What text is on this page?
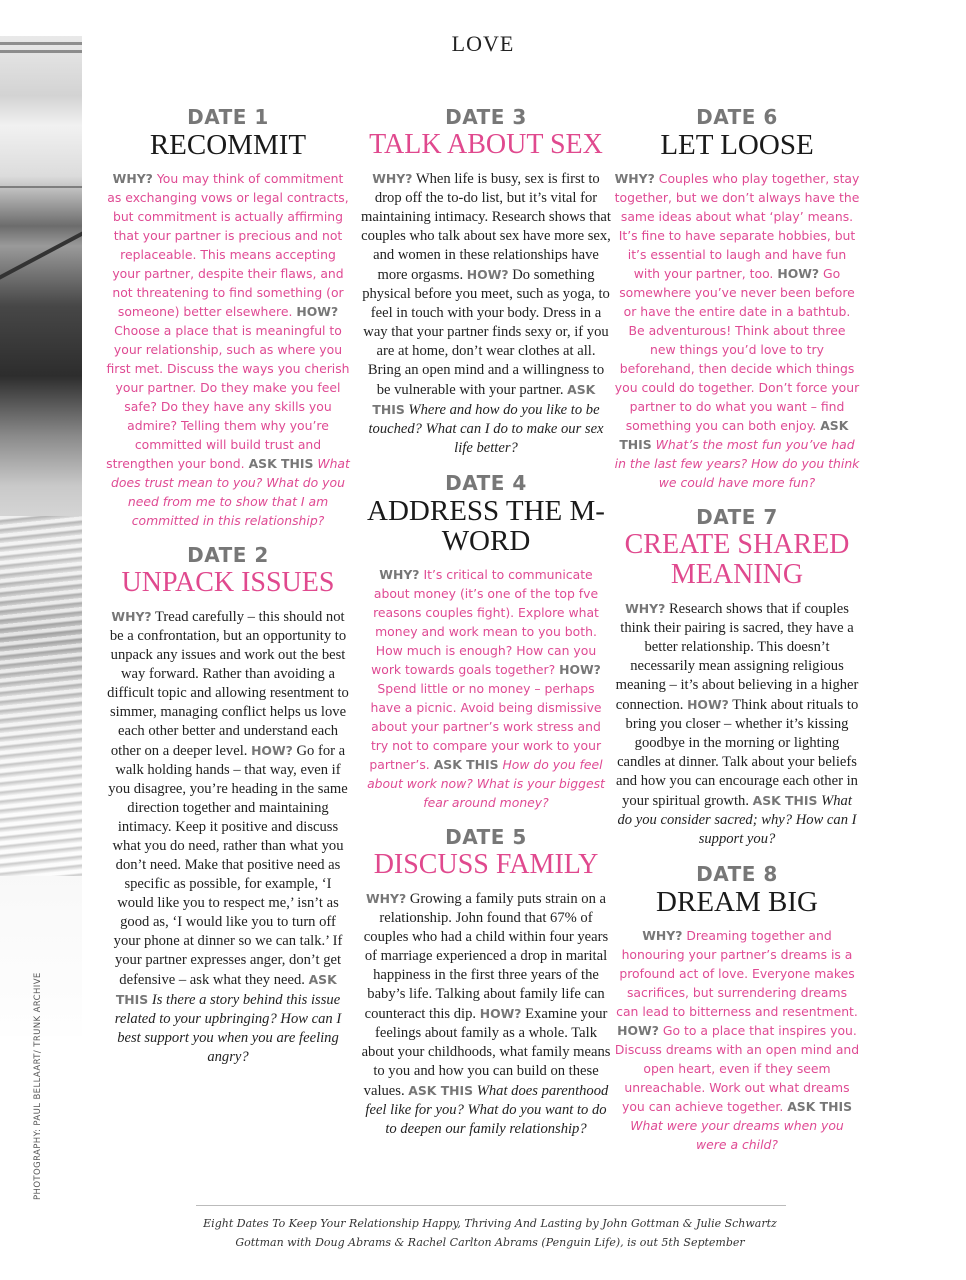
PHOTOGRAPHY: PAUL BELLAART/ TRUNK ARCHIVE
LOVE
DATE 1
RECOMMIT

WHY? You may think of commitment as exchanging vows or legal contracts, but commitment is actually affirming that your partner is precious and not replaceable. This means accepting your partner, despite their flaws, and not threatening to find something (or someone) better elsewhere. HOW? Choose a place that is meaningful to your relationship, such as where you first met. Discuss the ways you cherish your partner. Do they make you feel safe? Do they have any skills you admire? Telling them why you’re committed will build trust and strengthen your bond. ASK THIS What does trust mean to you? What do you need from me to show that I am committed in this relationship?

DATE 2
UNPACK ISSUES

WHY? Tread carefully – this should not be a confrontation, but an opportunity to unpack any issues and work out the best way forward. Rather than avoiding a difficult topic and allowing resentment to simmer, managing conflict helps us love each other better and understand each other on a deeper level. HOW? Go for a walk holding hands – that way, even if you disagree, you’re heading in the same direction together and maintaining intimacy. Keep it positive and discuss what you do need, rather than what you don’t need. Make that positive need as specific as possible, for example, ‘I would like you to respect me,’ isn’t as good as, ‘I would like you to turn off your phone at dinner so we can talk.’ If your partner expresses anger, don’t get defensive – ask what they need. ASK THIS Is there a story behind this issue related to your upbringing? How can I best support you when you are feeling angry?

DATE 3
TALK ABOUT SEX

WHY? When life is busy, sex is first to drop off the to-do list, but it’s vital for maintaining intimacy. Research shows that couples who talk about sex have more sex, and women in these relationships have more orgasms. HOW? Do something physical before you meet, such as yoga, to feel in touch with your body. Dress in a way that your partner finds sexy or, if you are at home, don’t wear clothes at all. Bring an open mind and a willingness to be vulnerable with your partner. ASK THIS Where and how do you like to be touched? What can I do to make our sex life better?

DATE 4
ADDRESS THE M-WORD

WHY? It’s critical to communicate about money (it’s one of the top fve reasons couples fight). Explore what money and work mean to you both. How much is enough? How can you work towards goals together? HOW? Spend little or no money – perhaps have a picnic. Avoid being dismissive about your partner’s work stress and try not to compare your work to your partner’s. ASK THIS How do you feel about work now? What is your biggest fear around money?

DATE 5
DISCUSS FAMILY

WHY? Growing a family puts strain on a relationship. John found that 67% of couples who had a child within four years of marriage experienced a drop in marital happiness in the first three years of the baby’s life. Talking about family life can counteract this dip. HOW? Examine your feelings about family as a whole. Talk about your childhoods, what family means to you and how you can build on these values. ASK THIS What does parenthood feel like for you? What do you want to do to deepen our family relationship?

DATE 6
LET LOOSE

WHY? Couples who play together, stay together, but we don’t always have the same ideas about what ‘play’ means. It’s fine to have separate hobbies, but it’s essential to laugh and have fun with your partner, too. HOW? Go somewhere you’ve never been before or have the entire date in a bathtub. Be adventurous! Think about three new things you’d love to try beforehand, then decide which things you could do together. Don’t force your partner to do what you want – find something you can both enjoy. ASK THIS What’s the most fun you’ve had in the last few years? How do you think we could have more fun?

DATE 7
CREATE SHARED MEANING

WHY? Research shows that if couples think their pairing is sacred, they have a better relationship. This doesn’t necessarily mean assigning religious meaning – it’s about believing in a higher connection. HOW? Think about rituals to bring you closer – whether it’s kissing goodbye in the morning or lighting candles at dinner. Talk about your beliefs and how you can encourage each other in your spiritual growth. ASK THIS What do you consider sacred; why? How can I support you?

DATE 8
DREAM BIG

WHY? Dreaming together and honouring your partner’s dreams is a profound act of love. Everyone makes sacrifices, but surrendering dreams can lead to bitterness and resentment. HOW? Go to a place that inspires you. Discuss dreams with an open mind and open heart, even if they seem unreachable. Work out what dreams you can achieve together. ASK THIS What were your dreams when you were a child?

Eight Dates To Keep Your Relationship Happy, Thriving And Lasting by John Gottman & Julie Schwartz Gottman with Doug Abrams & Rachel Carlton Abrams (Penguin Life), is out 5th September
